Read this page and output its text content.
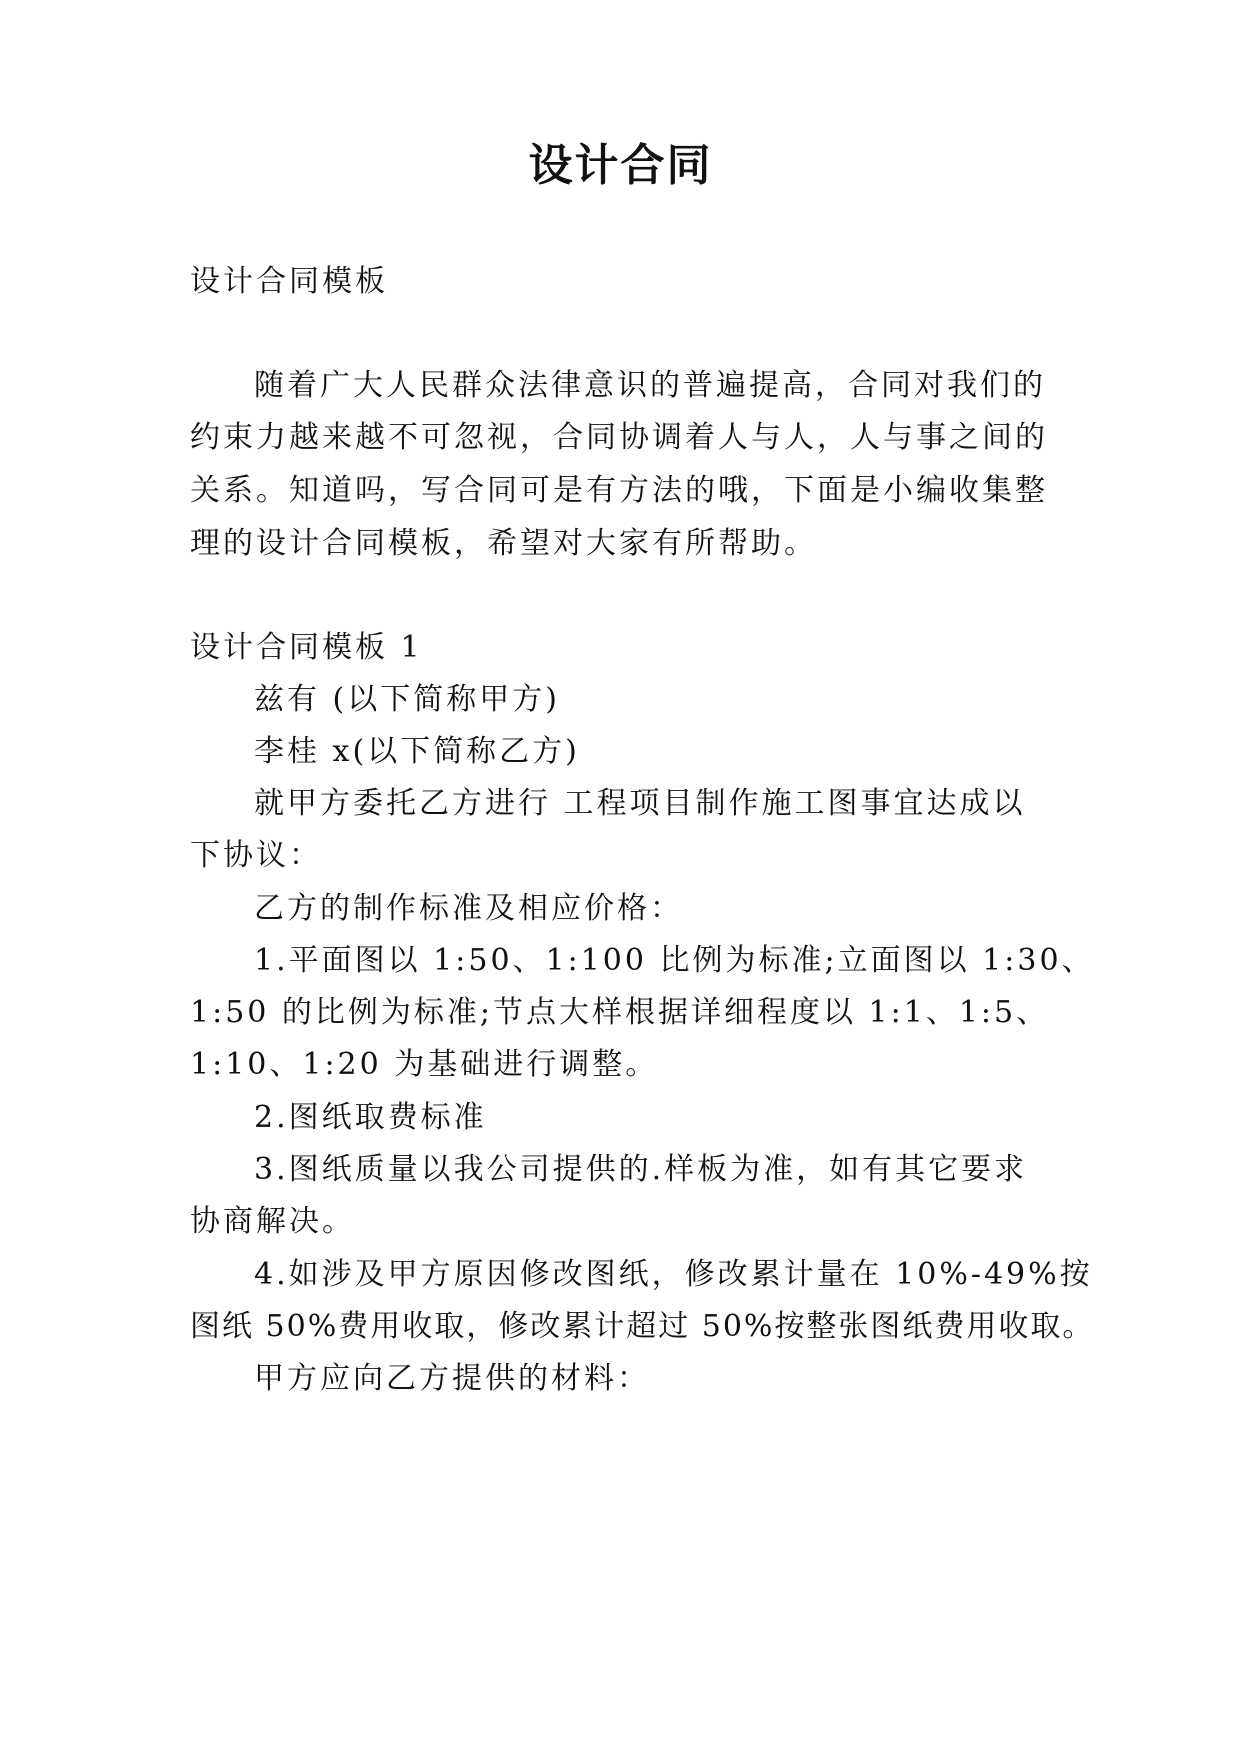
设计合同
设计合同模板
随着广大人民群众法律意识的普遍提高，合同对我们的
约束力越来越不可忽视，合同协调着人与人，人与事之间的
关系。知道吗，写合同可是有方法的哦，下面是小编收集整
理的设计合同模板，希望对大家有所帮助。
设计合同模板 1
兹有 (以下简称甲方)
李桂 x(以下简称乙方)
就甲方委托乙方进行 工程项目制作施工图事宜达成以
下协议：
乙方的制作标准及相应价格：
1.平面图以 1:50、1:100 比例为标准;立面图以 1:30、
1:50 的比例为标准;节点大样根据详细程度以 1:1、1:5、
1:10、1:20 为基础进行调整。
2.图纸取费标准
3.图纸质量以我公司提供的.样板为准，如有其它要求
协商解决。
4.如涉及甲方原因修改图纸，修改累计量在 10%-49%按
图纸 50%费用收取，修改累计超过 50%按整张图纸费用收取。
甲方应向乙方提供的材料：
